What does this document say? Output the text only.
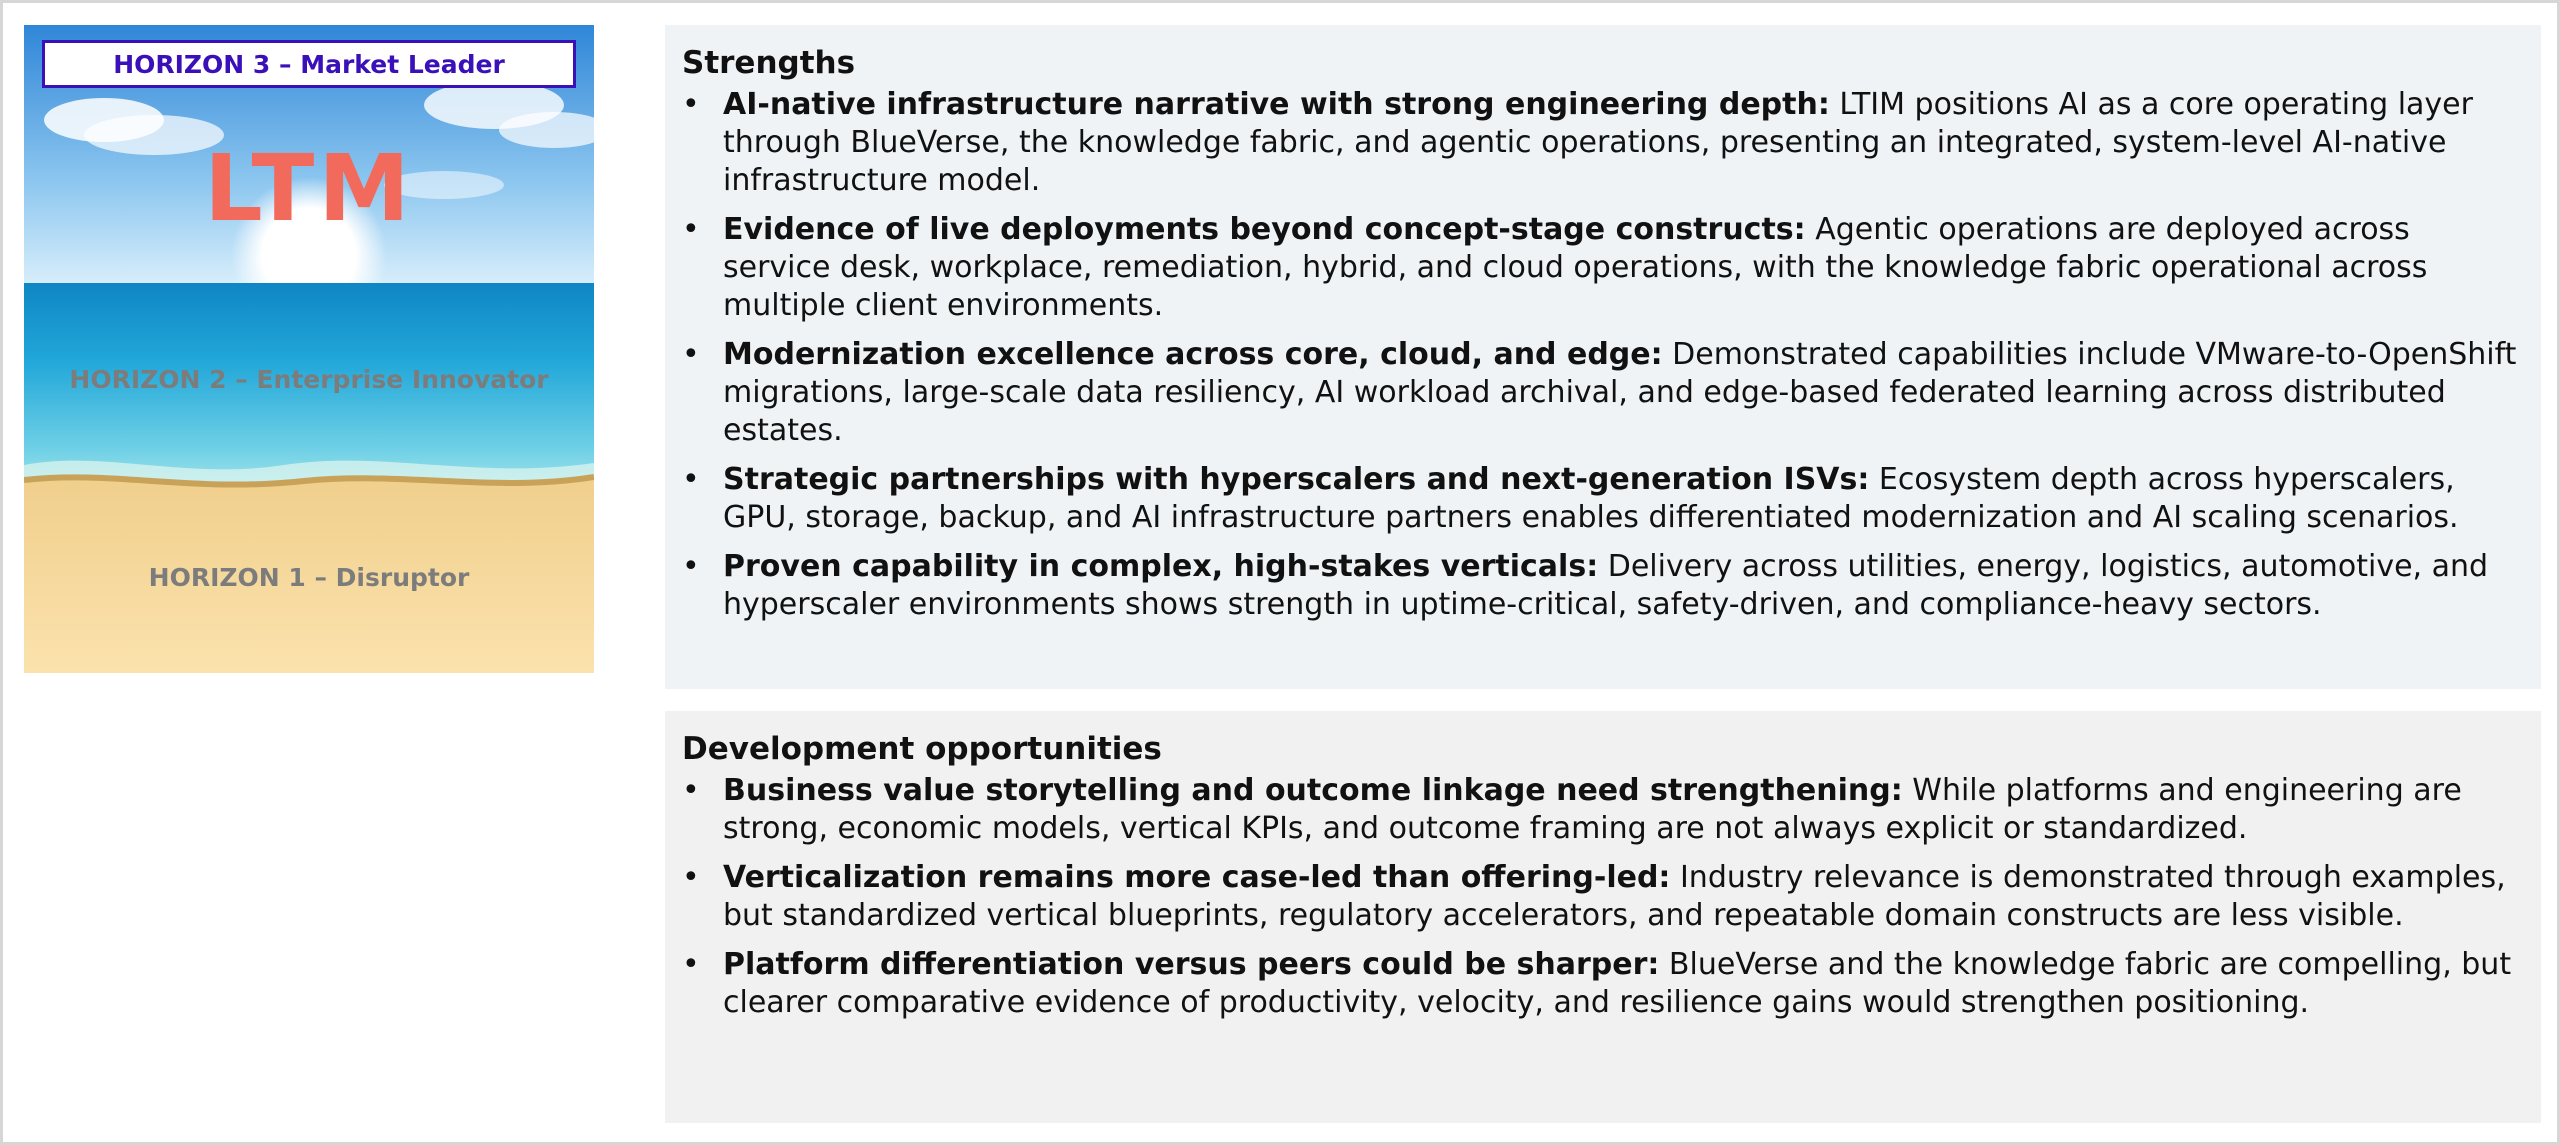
HORIZON 3 – Market Leader
LTM
HORIZON 2 – Enterprise Innovator
HORIZON 1 – Disruptor
Strengths
• AI-native infrastructure narrative with strong engineering depth: LTIM positions AI as a core operating layer through BlueVerse, the knowledge fabric, and agentic operations, presenting an integrated, system-level AI-native infrastructure model.
• Evidence of live deployments beyond concept-stage constructs: Agentic operations are deployed across service desk, workplace, remediation, hybrid, and cloud operations, with the knowledge fabric operational across multiple client environments.
• Modernization excellence across core, cloud, and edge: Demonstrated capabilities include VMware-to-OpenShift migrations, large-scale data resiliency, AI workload archival, and edge-based federated learning across distributed estates.
• Strategic partnerships with hyperscalers and next-generation ISVs: Ecosystem depth across hyperscalers, GPU, storage, backup, and AI infrastructure partners enables differentiated modernization and AI scaling scenarios.
• Proven capability in complex, high-stakes verticals: Delivery across utilities, energy, logistics, automotive, and hyperscaler environments shows strength in uptime-critical, safety-driven, and compliance-heavy sectors.
Development opportunities
• Business value storytelling and outcome linkage need strengthening: While platforms and engineering are strong, economic models, vertical KPIs, and outcome framing are not always explicit or standardized.
• Verticalization remains more case-led than offering-led: Industry relevance is demonstrated through examples, but standardized vertical blueprints, regulatory accelerators, and repeatable domain constructs are less visible.
• Platform differentiation versus peers could be sharper: BlueVerse and the knowledge fabric are compelling, but clearer comparative evidence of productivity, velocity, and resilience gains would strengthen positioning.
